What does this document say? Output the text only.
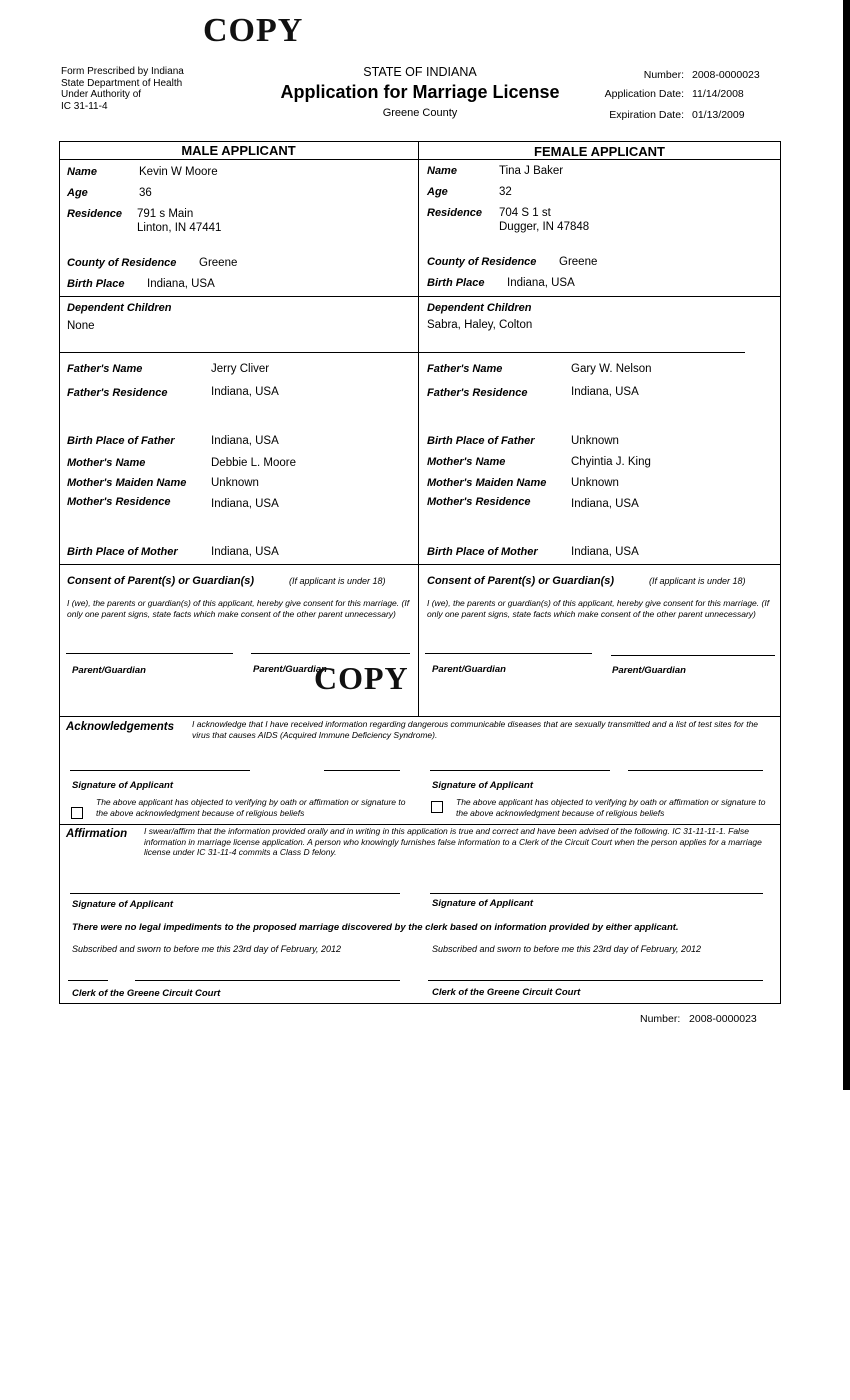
COPY
Form Prescribed by Indiana
State Department of Health
Under Authority of
IC 31-11-4
STATE OF INDIANA
Application for Marriage License
Greene County
Number: 2008-0000023
Application Date: 11/14/2008
Expiration Date: 01/13/2009
MALE APPLICANT	FEMALE APPLICANT
Name	Kevin W Moore
Age	36
Residence 791 s Main
Linton, IN 47441
County of Residence Greene
Birth Place Indiana, USA
Dependent Children
None
Father's Name	Jerry Cliver
Father's Residence	Indiana, USA
Birth Place of Father	Indiana, USA
Mother's Name	Debbie L. Moore
Mother's Maiden Name Unknown
Mother's Residence	Indiana, USA
Birth Place of Mother	Indiana, USA
Consent of Parent(s) or Guardian(s)	(If applicant is under 18)
I (we), the parents or guardian(s) of this applicant, hereby give consent for this marriage. (If only one parent signs, state facts which make consent of the other parent unnecessary)
Parent/Guardian	Parent/Guardian
COPY
Name	Tina J Baker
Age	32
Residence 704 S 1 st
Dugger, IN 47848
County of Residence Greene
Birth Place Indiana, USA
Dependent Children
Sabra, Haley, Colton
Father's Name	Gary W. Nelson
Father's Residence	Indiana, USA
Birth Place of Father	Unknown
Mother's Name	Chyintia J. King
Mother's Maiden Name Unknown
Mother's Residence	Indiana, USA
Birth Place of Mother	Indiana, USA
Consent of Parent(s) or Guardian(s)	(If applicant is under 18)
I (we), the parents or guardian(s) of this applicant, hereby give consent for this marriage. (If only one parent signs, state facts which make consent of the other parent unnecessary)
Parent/Guardian	Parent/Guardian
Acknowledgements I acknowledge that I have received information regarding dangerous communicable diseases that are sexually transmitted and a list of test sites for the virus that causes AIDS (Acquired Immune Deficiency Syndrome).
Signature of Applicant	Signature of Applicant
The above applicant has objected to verifying by oath or affirmation or signature to the above acknowledgment because of religious beliefs
The above applicant has objected to verifying by oath or affirmation or signature to the above acknowledgment because of religious beliefs
Affirmation I swear/affirm that the information provided orally and in writing in this application is true and correct and have been advised of the following. IC 31-11-11-1. False information in marriage license application. A person who knowingly furnishes false information to a Clerk of the Circuit Court when the person applies for a marriage license under IC 31-11-4 commits a Class D felony.
Signature of Applicant	Signature of Applicant
There were no legal impediments to the proposed marriage discovered by the clerk based on information provided by either applicant.
Subscribed and sworn to before me this 23rd day of February, 2012	Subscribed and sworn to before me this 23rd day of February, 2012
Clerk of the Greene Circuit Court	Clerk of the Greene Circuit Court
Number: 2008-0000023
